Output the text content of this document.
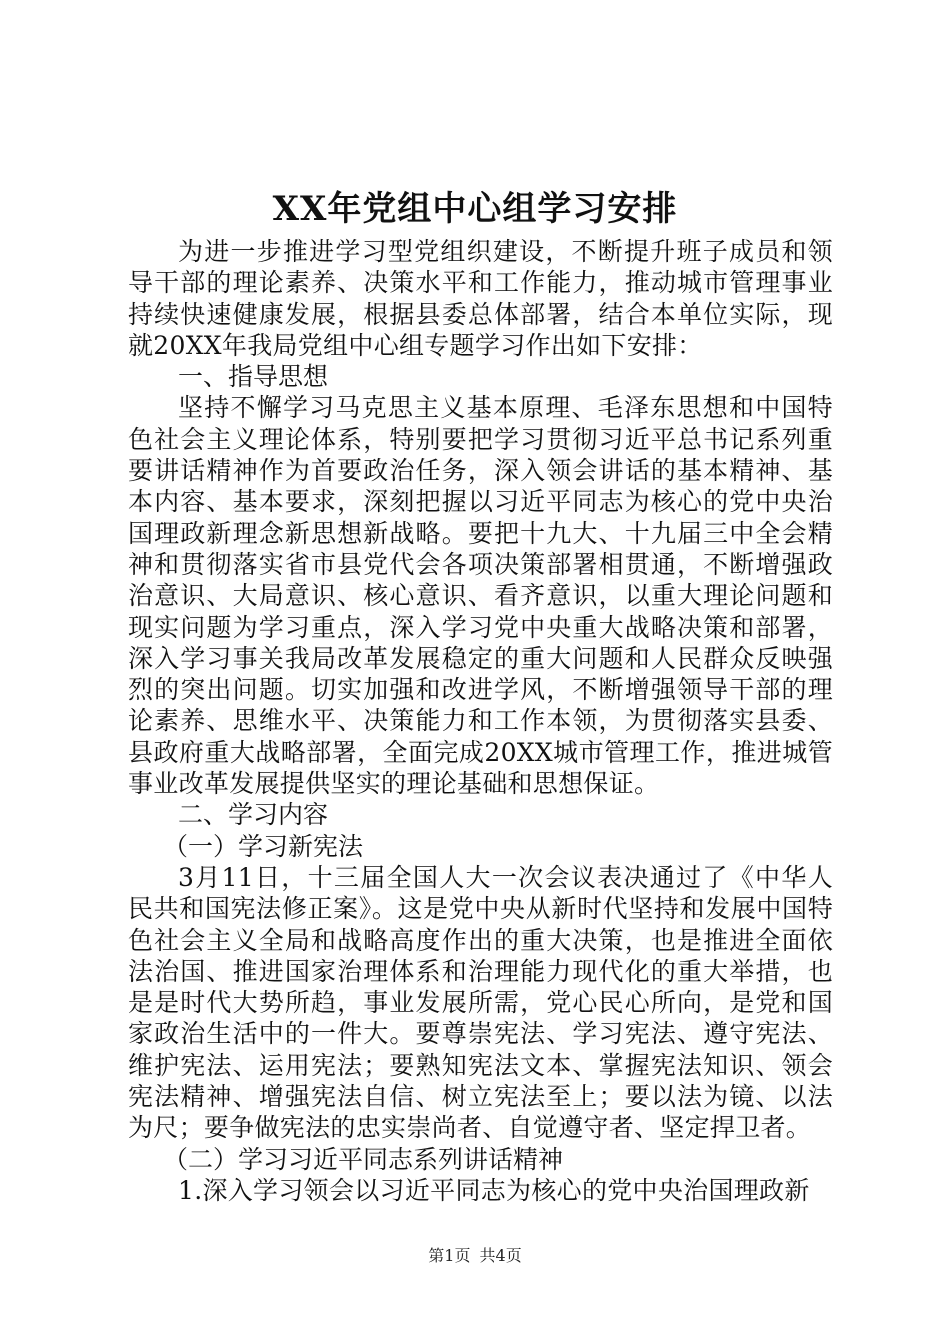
XX年党组中心组学习安排

为进一步推进学习型党组织建设，不断提升班子成员和领导干部的理论素养、决策水平和工作能力，推动城市管理事业持续快速健康发展，根据县委总体部署，结合本单位实际，现就20XX年我局党组中心组专题学习作出如下安排：

一、指导思想

坚持不懈学习马克思主义基本原理、毛泽东思想和中国特色社会主义理论体系，特别要把学习贯彻习近平总书记系列重要讲话精神作为首要政治任务，深入领会讲话的基本精神、基本内容、基本要求，深刻把握以习近平同志为核心的党中央治国理政新理念新思想新战略。要把十九大、十九届三中全会精神和贯彻落实省市县党代会各项决策部署相贯通，不断增强政治意识、大局意识、核心意识、看齐意识，以重大理论问题和现实问题为学习重点，深入学习党中央重大战略决策和部署，深入学习事关我局改革发展稳定的重大问题和人民群众反映强烈的突出问题。切实加强和改进学风，不断增强领导干部的理论素养、思维水平、决策能力和工作本领，为贯彻落实县委、县政府重大战略部署，全面完成20XX城市管理工作，推进城管事业改革发展提供坚实的理论基础和思想保证。

二、学习内容

（一）学习新宪法

3月11日，十三届全国人大一次会议表决通过了《中华人民共和国宪法修正案》。这是党中央从新时代坚持和发展中国特色社会主义全局和战略高度作出的重大决策，也是推进全面依法治国、推进国家治理体系和治理能力现代化的重大举措，也是是时代大势所趋，事业发展所需，党心民心所向，是党和国家政治生活中的一件大。要尊崇宪法、学习宪法、遵守宪法、维护宪法、运用宪法；要熟知宪法文本、掌握宪法知识、领会宪法精神、增强宪法自信、树立宪法至上；要以法为镜、以法为尺；要争做宪法的忠实崇尚者、自觉遵守者、坚定捍卫者。

（二）学习习近平同志系列讲话精神

1.深入学习领会以习近平同志为核心的党中央治国理政新

第1页 共4页
